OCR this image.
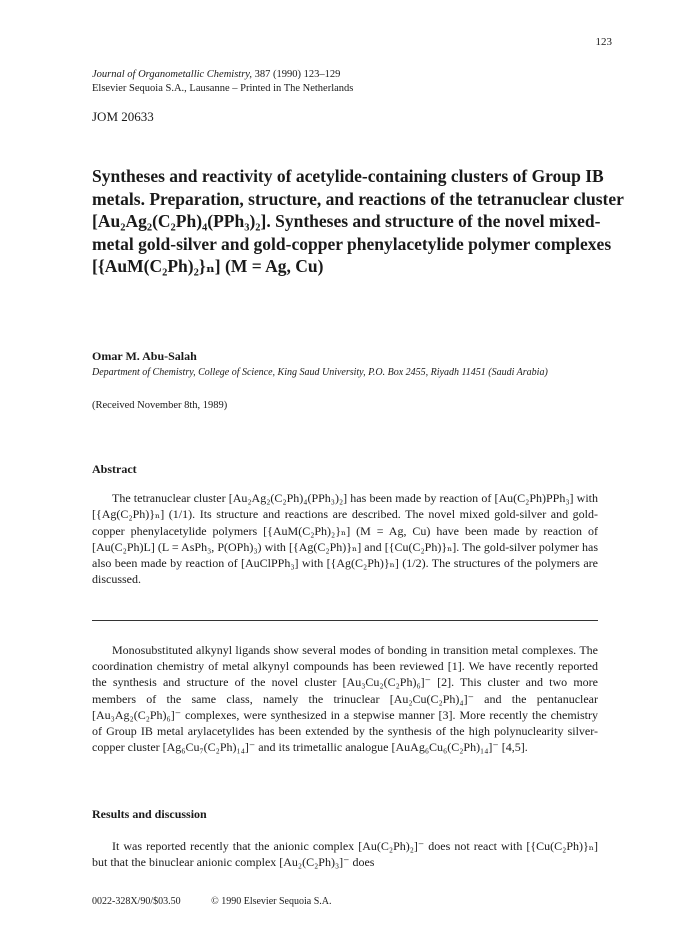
123
Journal of Organometallic Chemistry, 387 (1990) 123–129
Elsevier Sequoia S.A., Lausanne – Printed in The Netherlands
JOM 20633
Syntheses and reactivity of acetylide-containing clusters of Group IB metals. Preparation, structure, and reactions of the tetranuclear cluster [Au₂Ag₂(C₂Ph)₄(PPh₃)₂]. Syntheses and structure of the novel mixed-metal gold-silver and gold-copper phenylacetylide polymer complexes [{AuM(C₂Ph)₂}ₙ] (M = Ag, Cu)
Omar M. Abu-Salah
Department of Chemistry, College of Science, King Saud University, P.O. Box 2455, Riyadh 11451 (Saudi Arabia)
(Received November 8th, 1989)
Abstract

The tetranuclear cluster [Au₂Ag₂(C₂Ph)₄(PPh₃)₂] has been made by reaction of [Au(C₂Ph)PPh₃] with [{Ag(C₂Ph)}ₙ] (1/1). Its structure and reactions are described. The novel mixed gold-silver and gold-copper phenylacetylide polymers [{AuM(C₂Ph)₂}ₙ] (M = Ag, Cu) have been made by reaction of [Au(C₂Ph)L] (L = AsPh₃, P(OPh)₃) with [{Ag(C₂Ph)}ₙ] and [{Cu(C₂Ph)}ₙ]. The gold-silver polymer has also been made by reaction of [AuClPPh₃] with [{Ag(C₂Ph)}ₙ] (1/2). The structures of the polymers are discussed.

Monosubstituted alkynyl ligands show several modes of bonding in transition metal complexes. The coordination chemistry of metal alkynyl compounds has been reviewed [1]. We have recently reported the synthesis and structure of the novel cluster [Au₃Cu₂(C₂Ph)₆]⁻ [2]. This cluster and two more members of the same class, namely the trinuclear [Au₂Cu(C₂Ph)₄]⁻ and the pentanuclear [Au₃Ag₂(C₂Ph)₆]⁻ complexes, were synthesized in a stepwise manner [3]. More recently the chemistry of Group IB metal arylacetylides has been extended by the synthesis of the high polynuclearity silver-copper cluster [Ag₆Cu₇(C₂Ph)₁₄]⁻ and its trimetallic analogue [AuAg₆Cu₆(C₂Ph)₁₄]⁻ [4,5].

Results and discussion

It was reported recently that the anionic complex [Au(C₂Ph)₂]⁻ does not react with [{Cu(C₂Ph)}ₙ] but that the binuclear anionic complex [Au₂(C₂Ph)₃]⁻ does

0022-328X/90/$03.50	© 1990 Elsevier Sequoia S.A.
